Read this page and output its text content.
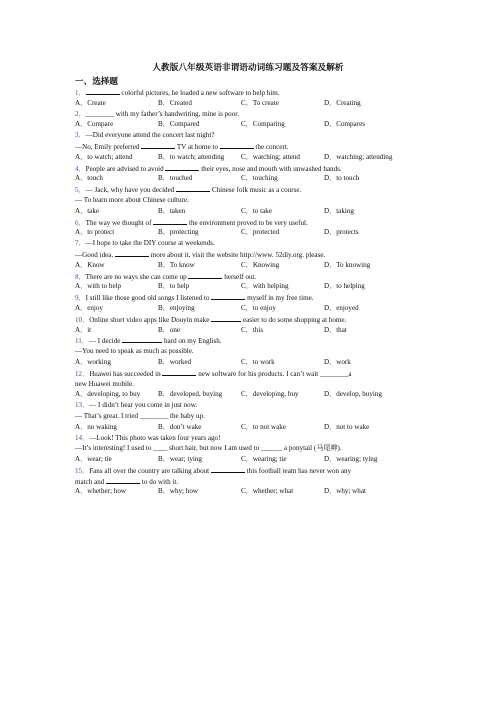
人教版八年级英语非谓语动词练习题及答案及解析
一、选择题
1．	colorful pictures, he loaded a new software to help him.
A．Create	B．Created	C．To create	D．Creating
2．________ with my father’s handwriting, mine is poor.
A．Compare	B．Compared	C．Comparing	D．Compares
3．—Did everyone attend the concert last night?
—No, Emily preferred	TV at home to	the concert.
A．to watch; attend	B．to watch; attending C．watching; attend	D．watching; attending
4．People are advised to avoid	their eyes, nose and mouth with unwashed hands.
A．touch	B．touched	C．touching	D．to touch
5．— Jack, why have you decided	Chinese folk music as a course.
— To learn more about Chinese culture.
A．take	B．taken	C．to take	D．taking
6．The way we thought of	the environment proved to be very useful.
A．to protect	B．protecting	C．protected	D．protects
7．—I hope to take the DIY course at weekends.
—Good idea.	more about it, visit the website http://www. 52diy.org. please.
A．Know	B．To know	C．Knowing	D．To knowing
8．There are no ways she can come up	herself out.
A．with to help	B．to help	C．with helping	D．to helping
9．I still like those good old songs I listened to	myself in my free time.
A．enjoy	B．enjoying	C．to enjoy	D．enjoyed
10．Online short video apps like Douyin make	easier to do some shopping at home.
A．it	B．one	C．this	D．that
11．— I decide	hard on my English.
—You need to speak as much as possible.
A．working	B．worked	C．to work	D．work
12．Huawei has succeeded in	new software for his products. I can’t wait ________a
new Huawei mobile.
A．developing, to buy	B．developed, buying	C．developing, buy	D．develop, buying
13．— I didn’t hear you come in just now.
— That’s great. I tried ________ the baby up.
A．no waking	B．don’t wake	C．to not wake	D．not to wake
14．—Look! This photo was taken four years ago!
—It’s interesting! I used to ____ short hair, but now I am used to ______ a ponytail (马尾辫).
A．wear; tie	B．wear; tying	C．wearing; tie	D．wearing; tying
15．Fans all over the country are talking about	this football team has never won any
match and	to do with it.
A．whether; how	B．why; how	C．whether; what	D．why; what
